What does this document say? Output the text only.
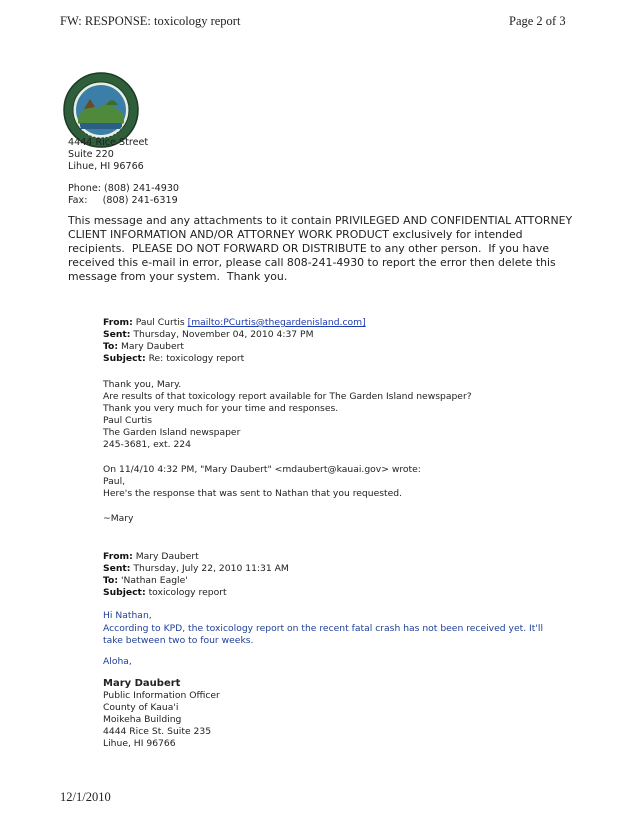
FW: RESPONSE: toxicology report	Page 2 of 3
4444 Rice Street
Suite 220
Lihue, HI 96766
Phone: (808) 241-4930
Fax:     (808) 241-6319
This message and any attachments to it contain PRIVILEGED AND CONFIDENTIAL ATTORNEY
CLIENT INFORMATION AND/OR ATTORNEY WORK PRODUCT exclusively for intended
recipients.  PLEASE DO NOT FORWARD OR DISTRIBUTE to any other person.  If you have
received this e-mail in error, please call 808-241-4930 to report the error then delete this
message from your system.  Thank you.
From: Paul Curtis [mailto:PCurtis@thegardenisland.com]
Sent: Thursday, November 04, 2010 4:37 PM
To: Mary Daubert
Subject: Re: toxicology report
Thank you, Mary.
Are results of that toxicology report available for The Garden Island newspaper?
Thank you very much for your time and responses.
Paul Curtis
The Garden Island newspaper
245-3681, ext. 224
On 11/4/10 4:32 PM, "Mary Daubert" <mdaubert@kauai.gov> wrote:
Paul,
Here's the response that was sent to Nathan that you requested.
~Mary
From: Mary Daubert
Sent: Thursday, July 22, 2010 11:31 AM
To: 'Nathan Eagle'
Subject: toxicology report
Hi Nathan,
According to KPD, the toxicology report on the recent fatal crash has not been received yet. It'll
take between two to four weeks.
Aloha,
Mary Daubert
Public Information Officer
County of Kaua'i
Moikeha Building
4444 Rice St. Suite 235
Lihue, HI 96766
12/1/2010
